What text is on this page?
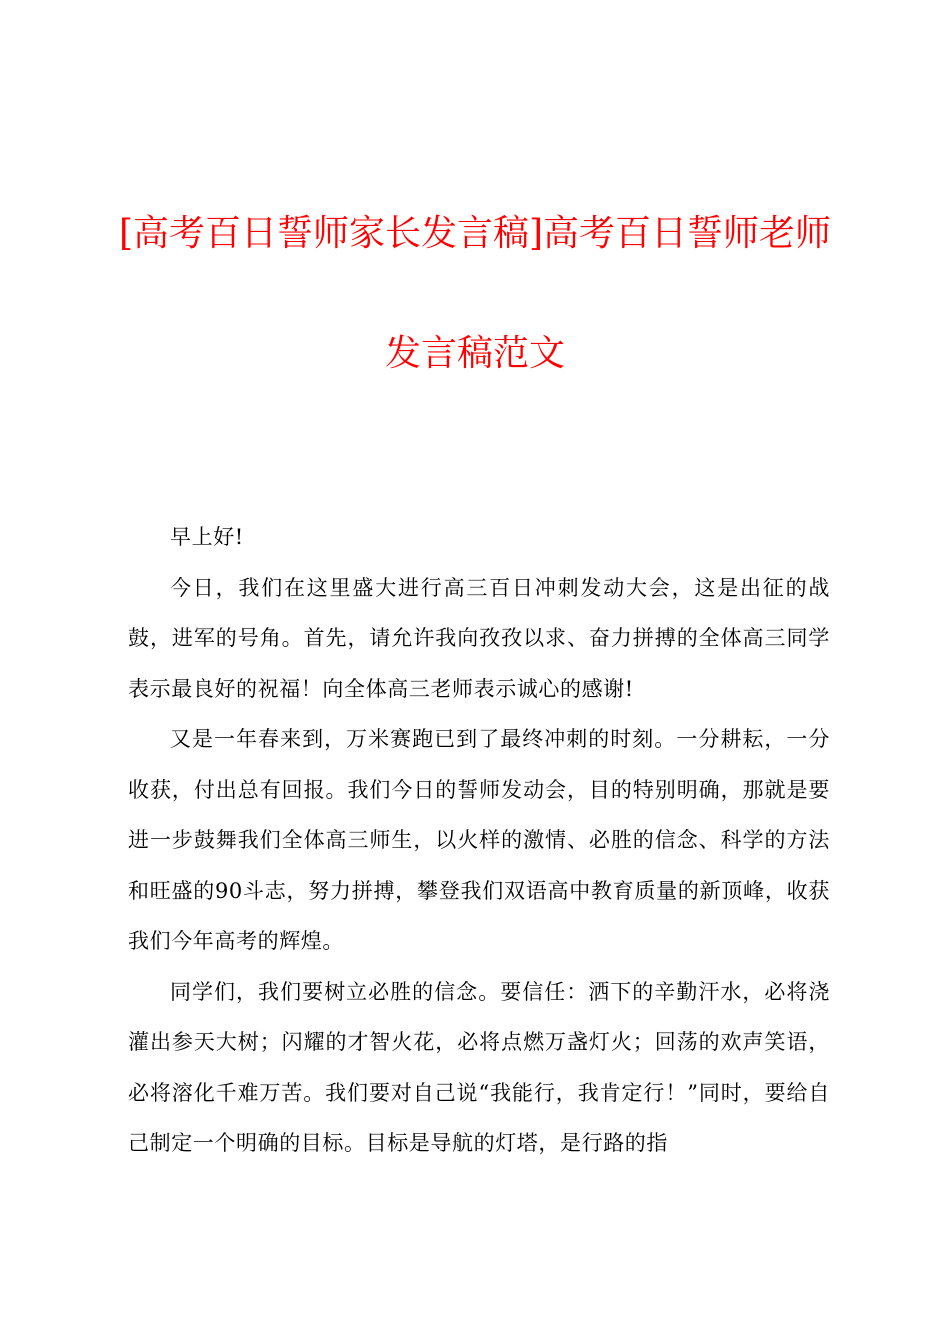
[高考百日誓师家长发言稿]高考百日誓师老师
发言稿范文

早上好!

今日，我们在这里盛大进行高三百日冲刺发动大会，这是出征的战鼓，进军的号角。首先，请允许我向孜孜以求、奋力拼搏的全体高三同学表示最良好的祝福！向全体高三老师表示诚心的感谢!

又是一年春来到，万米赛跑已到了最终冲刺的时刻。一分耕耘，一分收获，付出总有回报。我们今日的誓师发动会，目的特别明确，那就是要进一步鼓舞我们全体高三师生，以火样的激情、必胜的信念、科学的方法和旺盛的90斗志，努力拼搏，攀登我们双语高中教育质量的新顶峰，收获我们今年高考的辉煌。

同学们，我们要树立必胜的信念。要信任：洒下的辛勤汗水，必将浇灌出参天大树；闪耀的才智火花，必将点燃万盏灯火；回荡的欢声笑语，必将溶化千难万苦。我们要对自己说“我能行，我肯定行！”同时，要给自己制定一个明确的目标。目标是导航的灯塔，是行路的指
